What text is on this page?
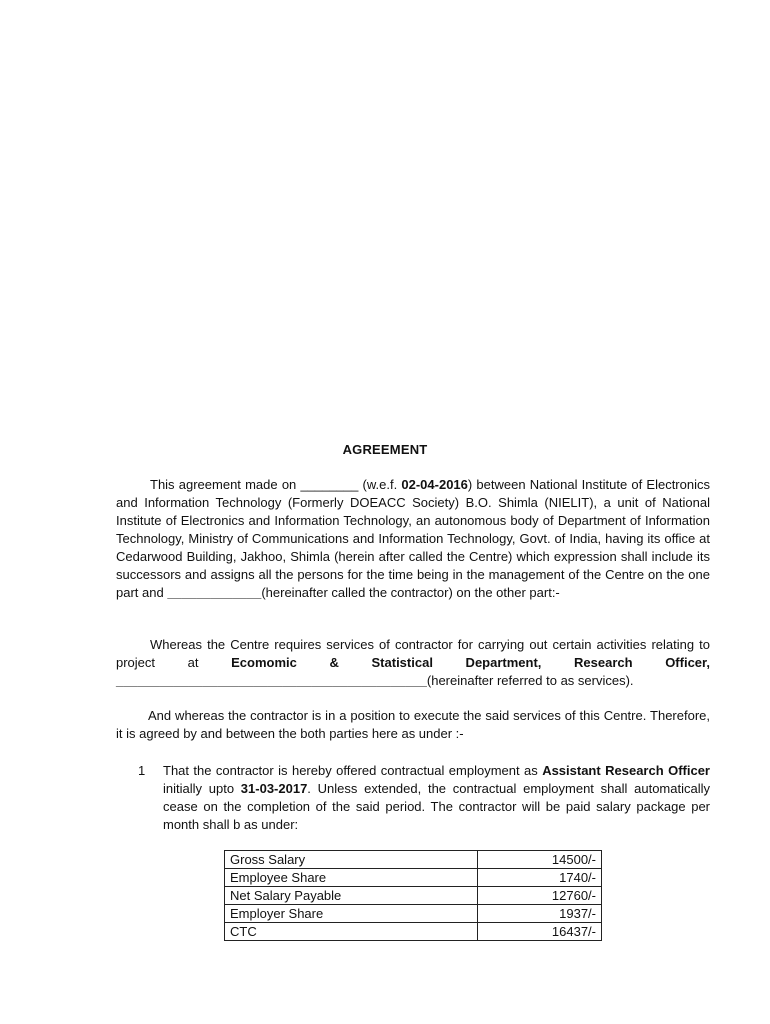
AGREEMENT
This agreement made on ________ (w.e.f. 02-04-2016) between National Institute of Electronics and Information Technology (Formerly DOEACC Society) B.O. Shimla (NIELIT), a unit of National Institute of Electronics and Information Technology, an autonomous body of Department of Information Technology, Ministry of Communications and Information Technology, Govt. of India, having its office at Cedarwood Building, Jakhoo, Shimla (herein after called the Centre) which expression shall include its successors and assigns all the persons for the time being in the management of the Centre on the one part and _____________(hereinafter called the contractor) on the other part:-
Whereas the Centre requires services of contractor for carrying out certain activities relating to project at Ecomomic & Statistical Department, Research Officer, ___________________________________________(hereinafter referred to as services).
And whereas the contractor is in a position to execute the said services of this Centre. Therefore, it is agreed by and between the both parties here as under :-
1 That the contractor is hereby offered contractual employment as Assistant Research Officer initially upto 31-03-2017. Unless extended, the contractual employment shall automatically cease on the completion of the said period. The contractor will be paid salary package per month shall b as under:
Gross Salary	14500/-
Employee Share	1740/-
Net Salary Payable	12760/-
Employer Share	1937/-
CTC	16437/-
